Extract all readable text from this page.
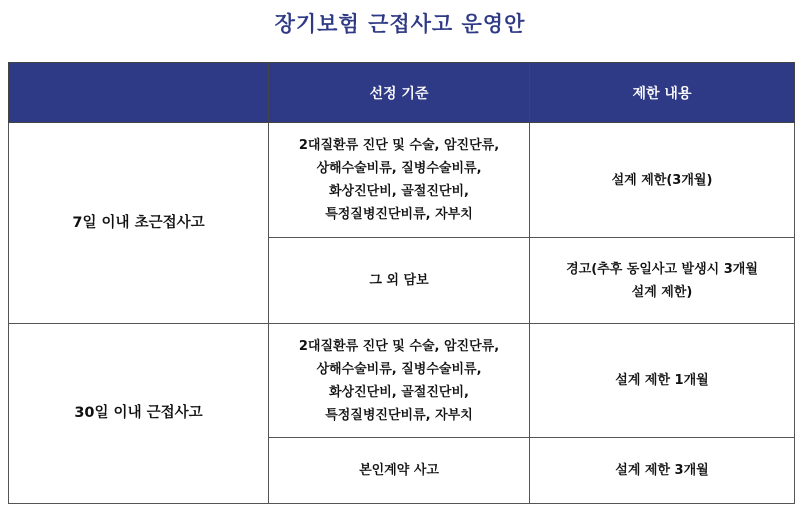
장기보험 근접사고 운영안
	선정 기준	제한 내용
7일 이내 초근접사고	2대질환류 진단 및 수술, 암진단류,
상해수술비류, 질병수술비류,
화상진단비, 골절진단비,
특정질병진단비류, 자부치	설계 제한(3개월)

	그 외 담보	경고(추후 동일사고 발생시 3개월
설계 제한)

30일 이내 근접사고	2대질환류 진단 및 수술, 암진단류,
상해수술비류, 질병수술비류,
화상진단비, 골절진단비,
특정질병진단비류, 자부치	설계 제한 1개월

	본인계약 사고	설계 제한 3개월
